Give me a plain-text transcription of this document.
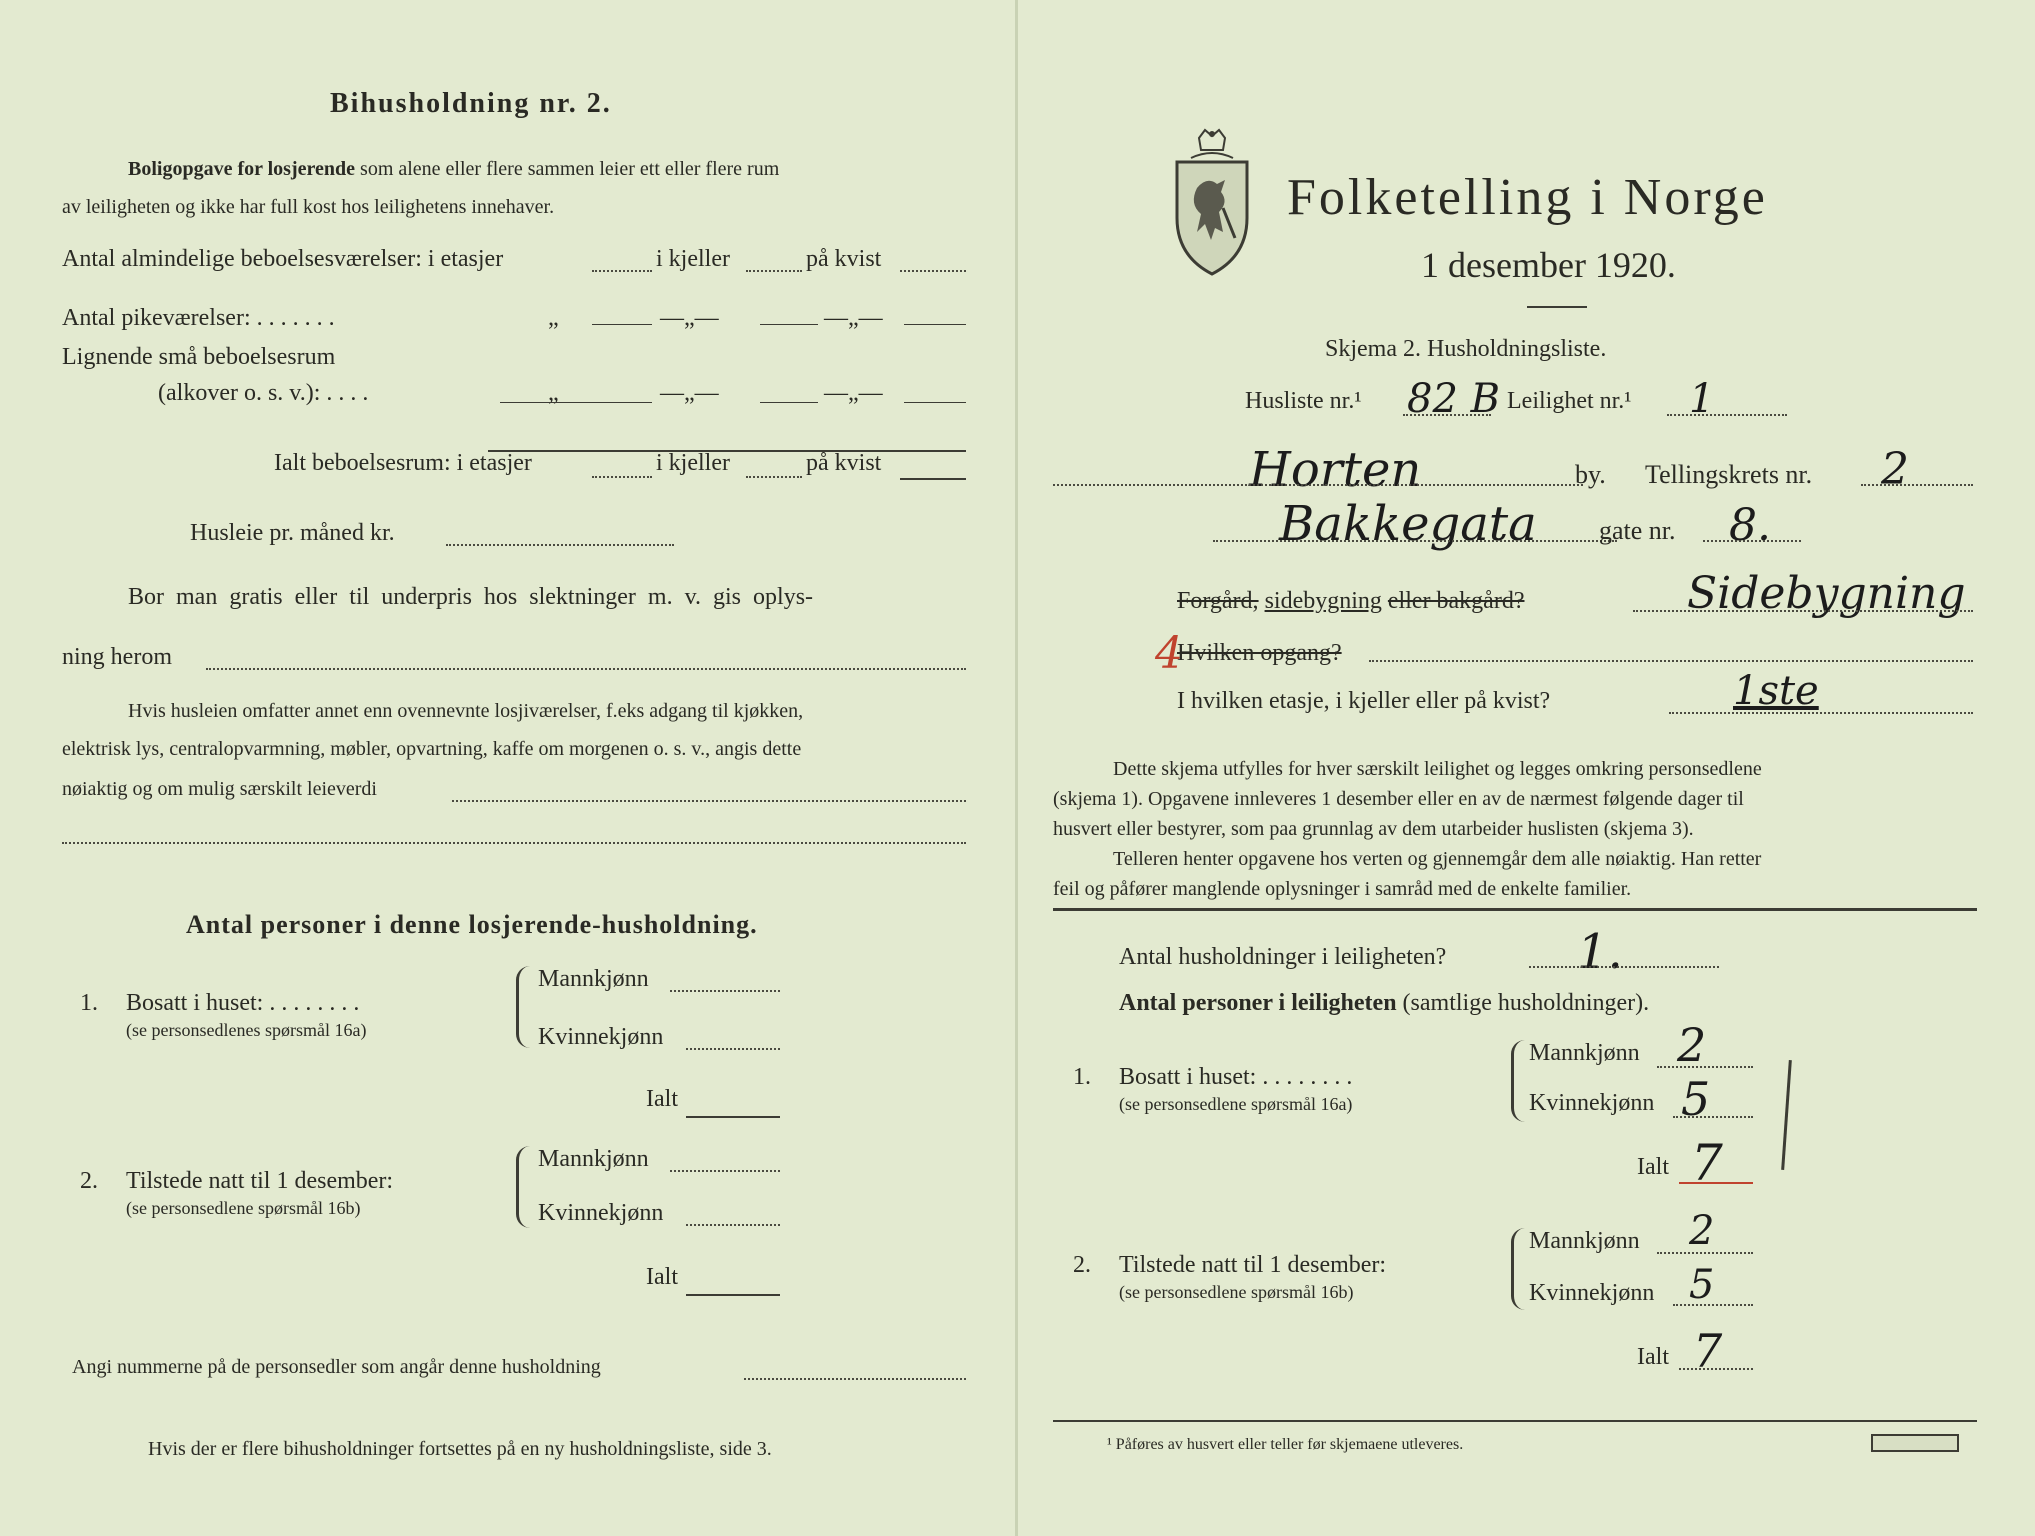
Bihusholdning nr. 2.
Boligopgave for losjerende som alene eller flere sammen leier ett eller flere rum
av leiligheten og ikke har full kost hos leilighetens innehaver.
Antal almindelige beboelsesværelser: i etasjer	i kjeller	på kvist
Antal pikeværelser: . . . . . . .	„	—„—	—„—
Lignende små beboelsesrum
(alkover o. s. v.): . . . .	„	—„—	—„—
Ialt beboelsesrum: i etasjer	i kjeller	på kvist
Husleie pr. måned kr.
Bor man gratis eller til underpris hos slektninger m. v. gis oplys-
ning herom
Hvis husleien omfatter annet enn ovennevnte losjiværelser, f.eks adgang til kjøkken,
elektrisk lys, centralopvarmning, møbler, opvartning, kaffe om morgenen o. s. v., angis dette
nøiaktig og om mulig særskilt leieverdi
Antal personer i denne losjerende-husholdning.
1. Bosatt i huset: . . . . . . . .
(se personsedlenes spørsmål 16a)
Mannkjønn
Kvinnekjønn
Ialt
2. Tilstede natt til 1 desember:
(se personsedlene spørsmål 16b)
Mannkjønn
Kvinnekjønn
Ialt
Angi nummerne på de personsedler som angår denne husholdning
Hvis der er flere bihusholdninger fortsettes på en ny husholdningsliste, side 3.
Folketelling i Norge
1 desember 1920.
Skjema 2. Husholdningsliste.
Husliste nr.¹ 82 B Leilighet nr.¹ 1
Horten	by. Tellingskrets nr. 2
Bakkegata gate nr. 8.
Forgård, sidebygning eller bakgård?	Sidebygning
4
Hvilken opgang?
I hvilken etasje, i kjeller eller på kvist?	1ste
Dette skjema utfylles for hver særskilt leilighet og legges omkring personsedlene
(skjema 1). Opgavene innleveres 1 desember eller en av de nærmest følgende dager til
husvert eller bestyrer, som paa grunnlag av dem utarbeider huslisten (skjema 3).
Telleren henter opgavene hos verten og gjennemgår dem alle nøiaktig. Han retter
feil og påfører manglende oplysninger i samråd med de enkelte familier.
Antal husholdninger i leiligheten?	1.
Antal personer i leiligheten (samtlige husholdninger).
1. Bosatt i huset: . . . . . . . .
(se personsedlene spørsmål 16a)
Mannkjønn 2
Kvinnekjønn 5
Ialt 7
2. Tilstede natt til 1 desember:
(se personsedlene spørsmål 16b)
Mannkjønn 2
Kvinnekjønn 5
Ialt 7
¹ Påføres av husvert eller teller før skjemaene utleveres.
